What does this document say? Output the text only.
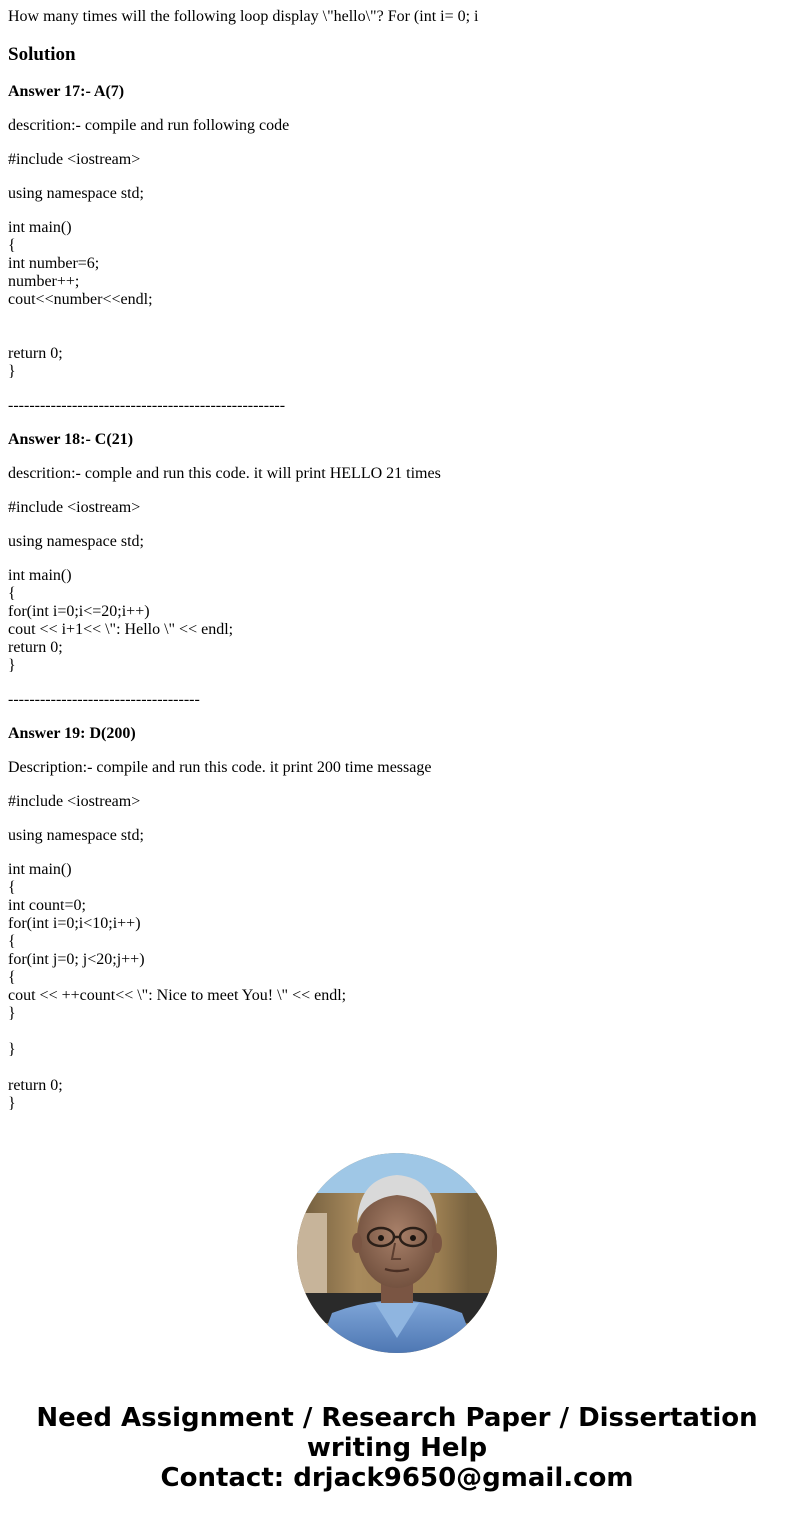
How many times will the following loop display \"hello\"? For (int i= 0; i
Solution
Answer 17:- A(7)
descrition:- compile and run following code
#include <iostream>
using namespace std;
int main()
{
int number=6;
number++;
cout<<number<<endl;
return 0;
}
----------------------------------------------------
Answer 18:- C(21)
descrition:- comple and run this code. it will print HELLO 21 times
#include <iostream>
using namespace std;
int main()
{
for(int i=0;i<=20;i++)
cout << i+1<< \": Hello \" << endl;
return 0;
}
------------------------------------
Answer 19: D(200)
Description:- compile and run this code. it print 200 time message
#include <iostream>
using namespace std;
int main()
{
int count=0;
for(int i=0;i<10;i++)
{
for(int j=0; j<20;j++)
{
cout << ++count<< \": Nice to meet You! \" << endl;
}
}
return 0;
}
Need Assignment / Research Paper / Dissertation
writing Help
Contact: drjack9650@gmail.com
